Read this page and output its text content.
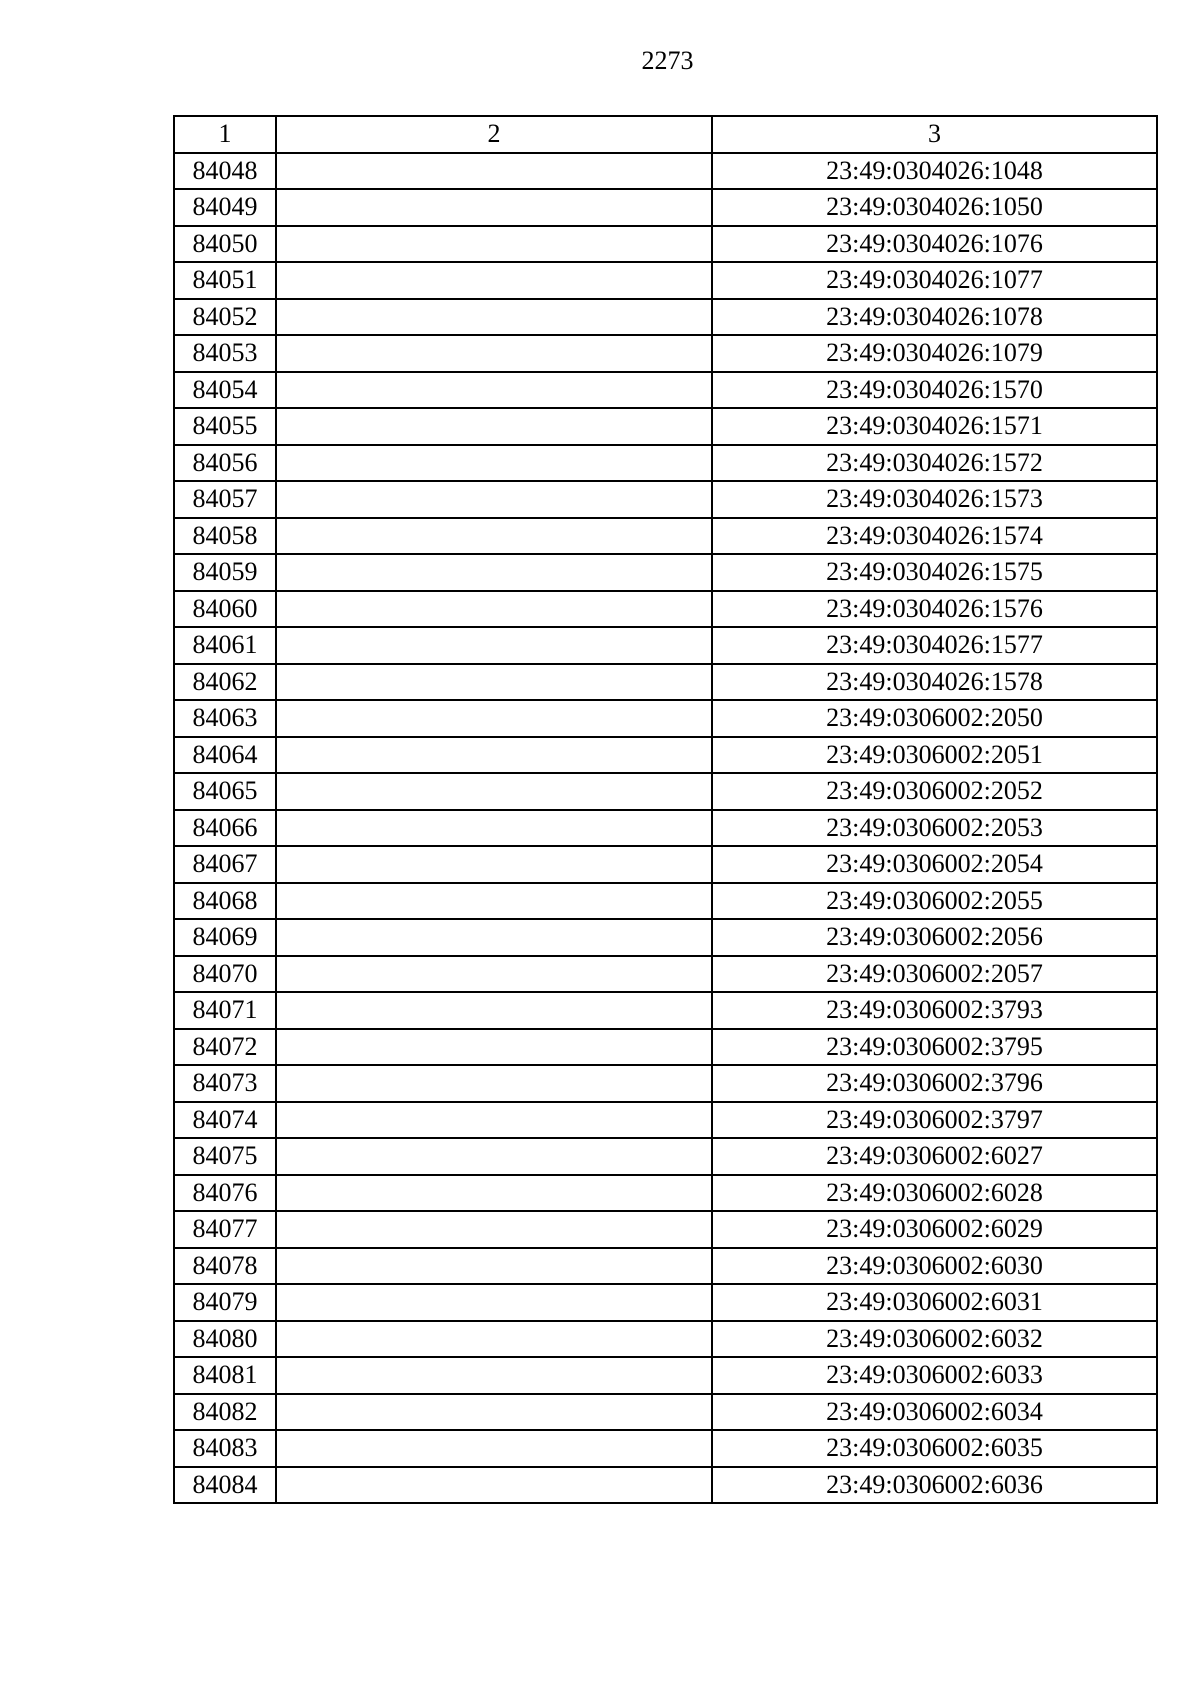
2273
1	2	3
84048		23:49:0304026:1048
84049		23:49:0304026:1050
84050		23:49:0304026:1076
84051		23:49:0304026:1077
84052		23:49:0304026:1078
84053		23:49:0304026:1079
84054		23:49:0304026:1570
84055		23:49:0304026:1571
84056		23:49:0304026:1572
84057		23:49:0304026:1573
84058		23:49:0304026:1574
84059		23:49:0304026:1575
84060		23:49:0304026:1576
84061		23:49:0304026:1577
84062		23:49:0304026:1578
84063		23:49:0306002:2050
84064		23:49:0306002:2051
84065		23:49:0306002:2052
84066		23:49:0306002:2053
84067		23:49:0306002:2054
84068		23:49:0306002:2055
84069		23:49:0306002:2056
84070		23:49:0306002:2057
84071		23:49:0306002:3793
84072		23:49:0306002:3795
84073		23:49:0306002:3796
84074		23:49:0306002:3797
84075		23:49:0306002:6027
84076		23:49:0306002:6028
84077		23:49:0306002:6029
84078		23:49:0306002:6030
84079		23:49:0306002:6031
84080		23:49:0306002:6032
84081		23:49:0306002:6033
84082		23:49:0306002:6034
84083		23:49:0306002:6035
84084		23:49:0306002:6036
